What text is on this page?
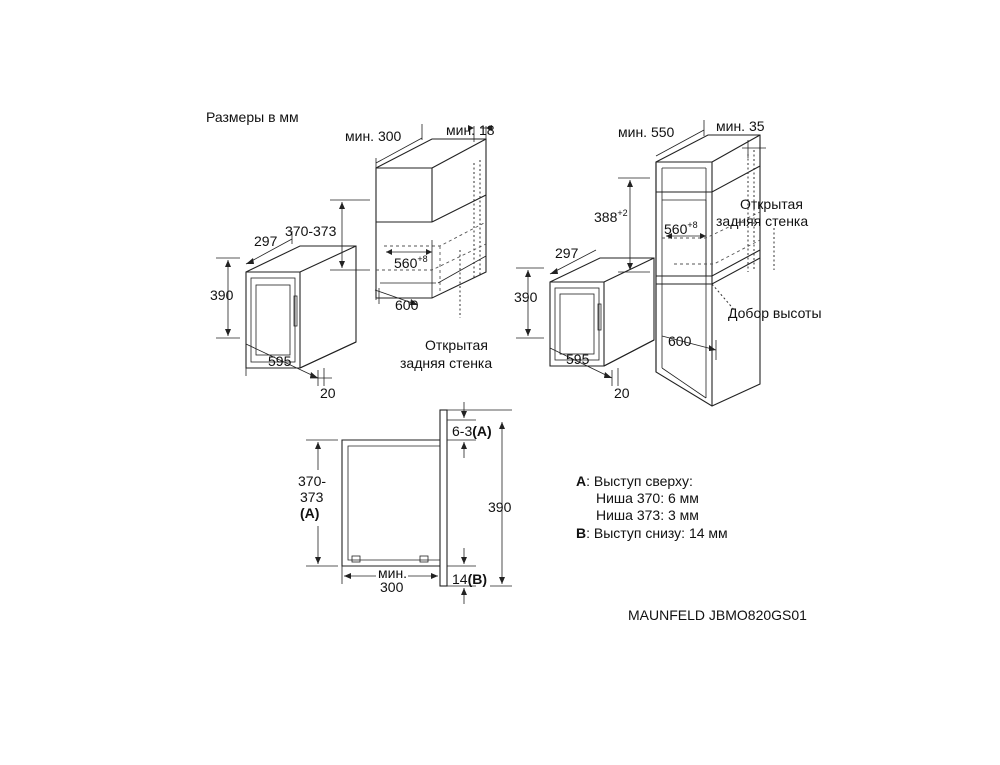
Размеры в мм
297
390
595
20
370-373
мин. 300	мин. 18
$560^{+8}$
600
Открытая
задняя стенка
297
390
595
20
мин. 550	мин. 35
$388^{+2}$
$560^{+8}$
600
Открытая
задняя стенка
Добор высоты
6-3(A)
370-
373
(A)	390
14(B)
мин.
300
A: Выступ сверху:
Ниша 370: 6 мм
Ниша 373: 3 мм
B: Выступ снизу: 14 мм
MAUNFELD JBMO820GS01
